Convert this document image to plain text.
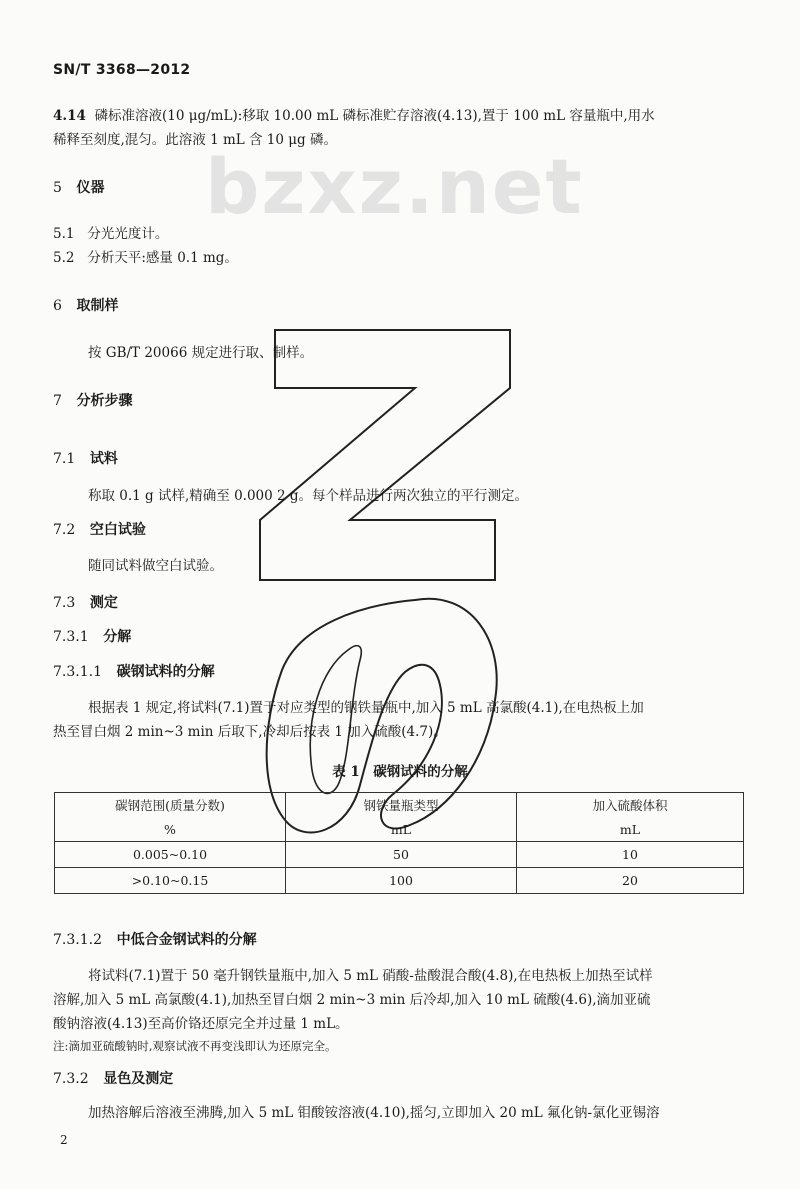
bzxz.net
SN/T 3368—2012
4.14 磷标准溶液(10 μg/mL):移取 10.00 mL 磷标准贮存溶液(4.13),置于 100 mL 容量瓶中,用水
稀释至刻度,混匀。此溶液 1 mL 含 10 μg 磷。
5 仪器
5.1 分光光度计。
5.2 分析天平:感量 0.1 mg。
6 取制样
按 GB/T 20066 规定进行取、制样。
7 分析步骤
7.1 试料
称取 0.1 g 试样,精确至 0.000 2 g。每个样品进行两次独立的平行测定。
7.2 空白试验
随同试料做空白试验。
7.3 测定
7.3.1 分解
7.3.1.1 碳钢试料的分解
根据表 1 规定,将试料(7.1)置于对应类型的钢铁量瓶中,加入 5 mL 高氯酸(4.1),在电热板上加
热至冒白烟 2 min~3 min 后取下,冷却后按表 1 加入硫酸(4.7)。
表 1　碳钢试料的分解
碳钢范围(质量分数)	钢铁量瓶类型	加入硫酸体积
%	mL	mL
0.005~0.10	50	10
>0.10~0.15	100	20
7.3.1.2 中低合金钢试料的分解
将试料(7.1)置于 50 毫升钢铁量瓶中,加入 5 mL 硝酸-盐酸混合酸(4.8),在电热板上加热至试样
溶解,加入 5 mL 高氯酸(4.1),加热至冒白烟 2 min~3 min 后冷却,加入 10 mL 硫酸(4.6),滴加亚硫
酸钠溶液(4.13)至高价铬还原完全并过量 1 mL。
注:滴加亚硫酸钠时,观察试液不再变浅即认为还原完全。
7.3.2 显色及测定
加热溶解后溶液至沸腾,加入 5 mL 钼酸铵溶液(4.10),摇匀,立即加入 20 mL 氟化钠-氯化亚锡溶
2
